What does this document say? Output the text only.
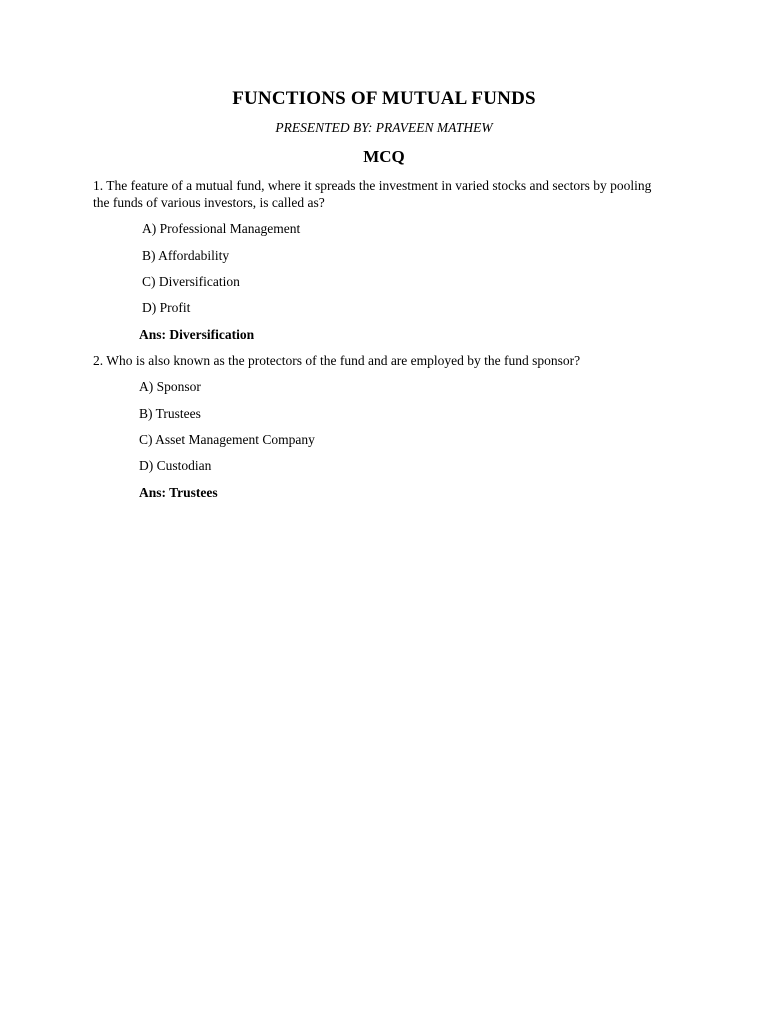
FUNCTIONS OF MUTUAL FUNDS
PRESENTED BY: PRAVEEN MATHEW
MCQ
1. The feature of a mutual fund, where it spreads the investment in varied stocks and sectors by pooling the funds of various investors, is called as?
A) Professional Management
B) Affordability
C) Diversification
D) Profit
Ans: Diversification
2. Who is also known as the protectors of the fund and are employed by the fund sponsor?
A) Sponsor
B) Trustees
C) Asset Management Company
D) Custodian
Ans: Trustees
